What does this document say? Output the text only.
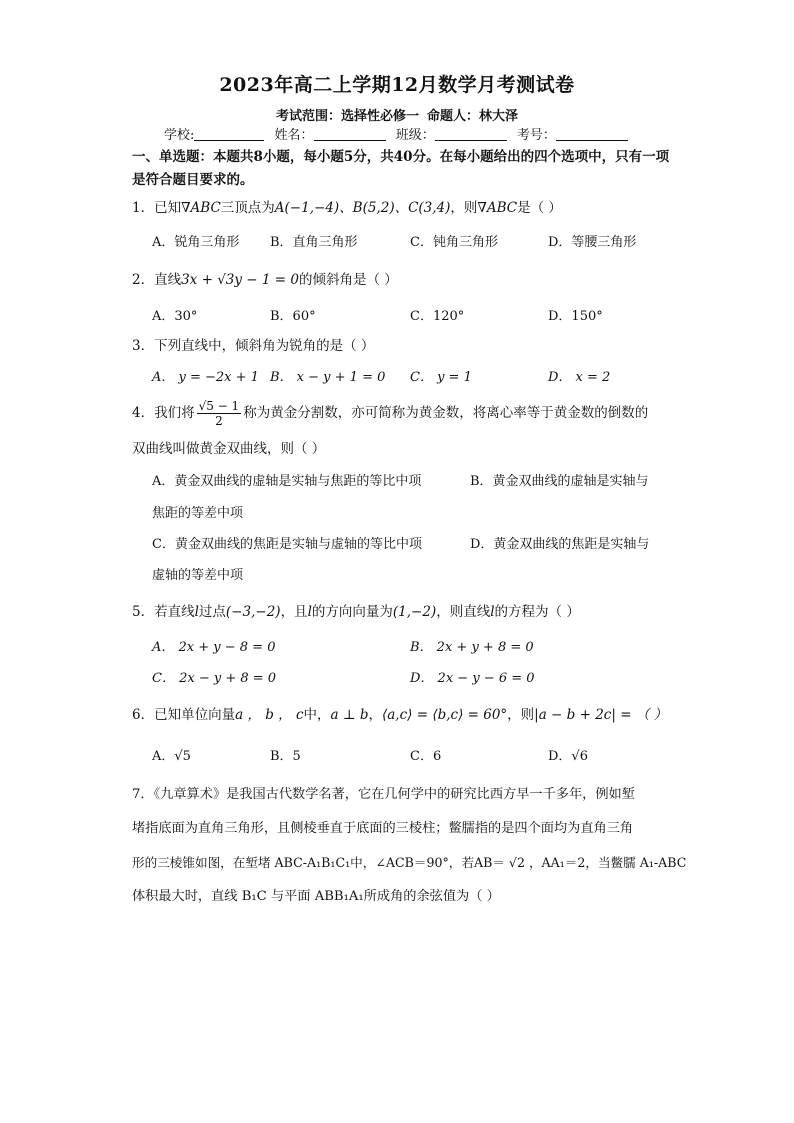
2023年高二上学期12月数学月考测试卷
考试范围：选择性必修一 命题人：林大泽
学校:	姓名：	班级：	考号：
一、单选题：本题共8小题，每小题5分，共40分。在每小题给出的四个选项中，只有一项是符合题目要求的。
1．已知∇ABC三顶点为A(−1,−4)、B(5,2)、C(3,4)，则∇ABC是（ ）
A．锐角三角形 B．直角三角形	C．钝角三角形	D．等腰三角形
2．直线3x + √3y − 1 = 0的倾斜角是（ ）
A．30°	B．60°	C．120°	D．150°
3．下列直线中，倾斜角为锐角的是（ ）
A． y = −2x + 1 B． x − y + 1 = 0 C． y = 1	D． x = 2
4．我们将 $\frac{√5 - 1}{2}$ 称为黄金分割数，亦可简称为黄金数，将离心率等于黄金数的倒数的
双曲线叫做黄金双曲线，则（ ）
A．黄金双曲线的虚轴是实轴与焦距的等比中项	B．黄金双曲线的虚轴是实轴与
焦距的等差中项
C．黄金双曲线的焦距是实轴与虚轴的等比中项	D．黄金双曲线的焦距是实轴与
虚轴的等差中项
5．若直线l过点(−3,−2)，且l的方向向量为(1,−2)，则直线l的方程为（ ）
A． 2x + y − 8 = 0	B． 2x + y + 8 = 0
C． 2x − y + 8 = 0	D． 2x − y − 6 = 0
6．已知单位向量a ， b ， c中，a ⊥ b，⟨a,c⟩ = ⟨b,c⟩ = 60°，则|a − b + 2c| = （ ）
A．√5	B．5	C．6	D．√6
7．《九章算术》是我国古代数学名著，它在几何学中的研究比西方早一千多年，例如堑
堵指底面为直角三角形，且侧棱垂直于底面的三棱柱；鳖臑指的是四个面均为直角三角
形的三棱锥如图，在堑堵 ABC-A₁B₁C₁中，∠ACB＝90°，若AB＝ √2 ，AA₁＝2，当鳖臑 A₁-ABC
体积最大时，直线 B₁C 与平面 ABB₁A₁所成角的余弦值为（ ）
